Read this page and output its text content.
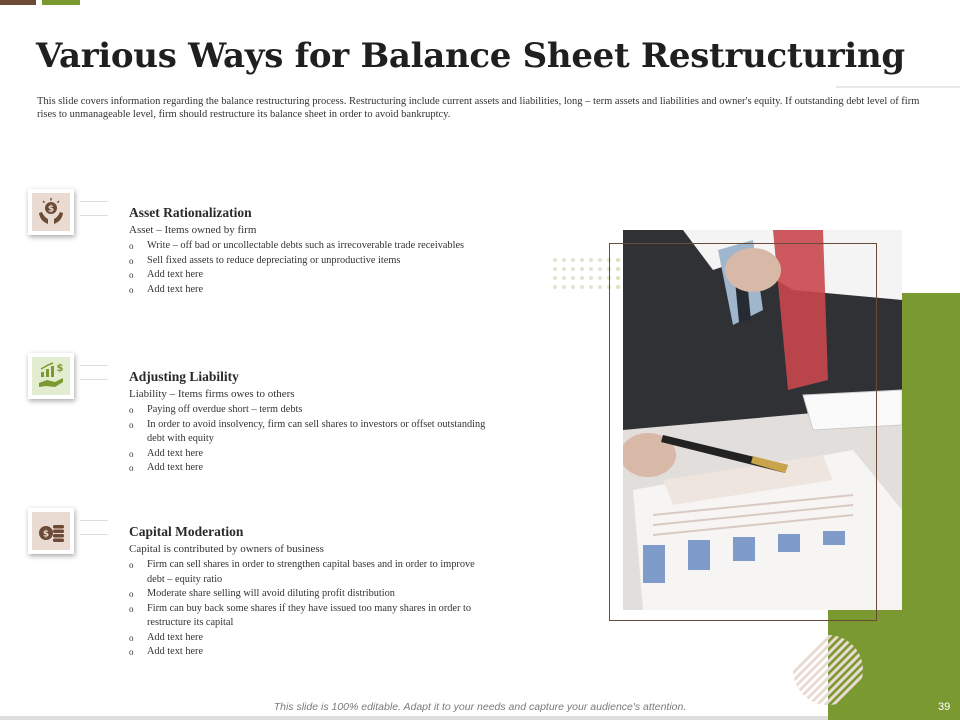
Various Ways for Balance Sheet Restructuring

This slide covers information regarding the balance restructuring process. Restructuring include current assets and liabilities, long – term assets and liabilities and owner's equity. If outstanding debt level of firm rises to unmanageable level, firm should restructure its balance sheet in order to avoid bankruptcy.

$	Asset Rationalization

Asset – Items owned by firm

o Write – off bad or uncollectable debts such as irrecoverable trade receivables
o Sell fixed assets to reduce depreciating or unproductive items
o Add text here
o Add text here
$
Adjusting Liability

Liability – Items firms owes to others

o Paying off overdue short – term debts
o In order to avoid insolvency, firm can sell shares to investors or offset outstanding debt with equity
o Add text here
o Add text here
$	Capital Moderation

Capital is contributed by owners of business

o Firm can sell shares in order to strengthen capital bases and in order to improve debt – equity ratio
o Moderate share selling will avoid diluting profit distribution
o Firm can buy back some shares if they have issued too many shares in order to restructure its capital
o Add text here
o Add text here
This slide is 100% editable. Adapt it to your needs and capture your audience's attention.	39
